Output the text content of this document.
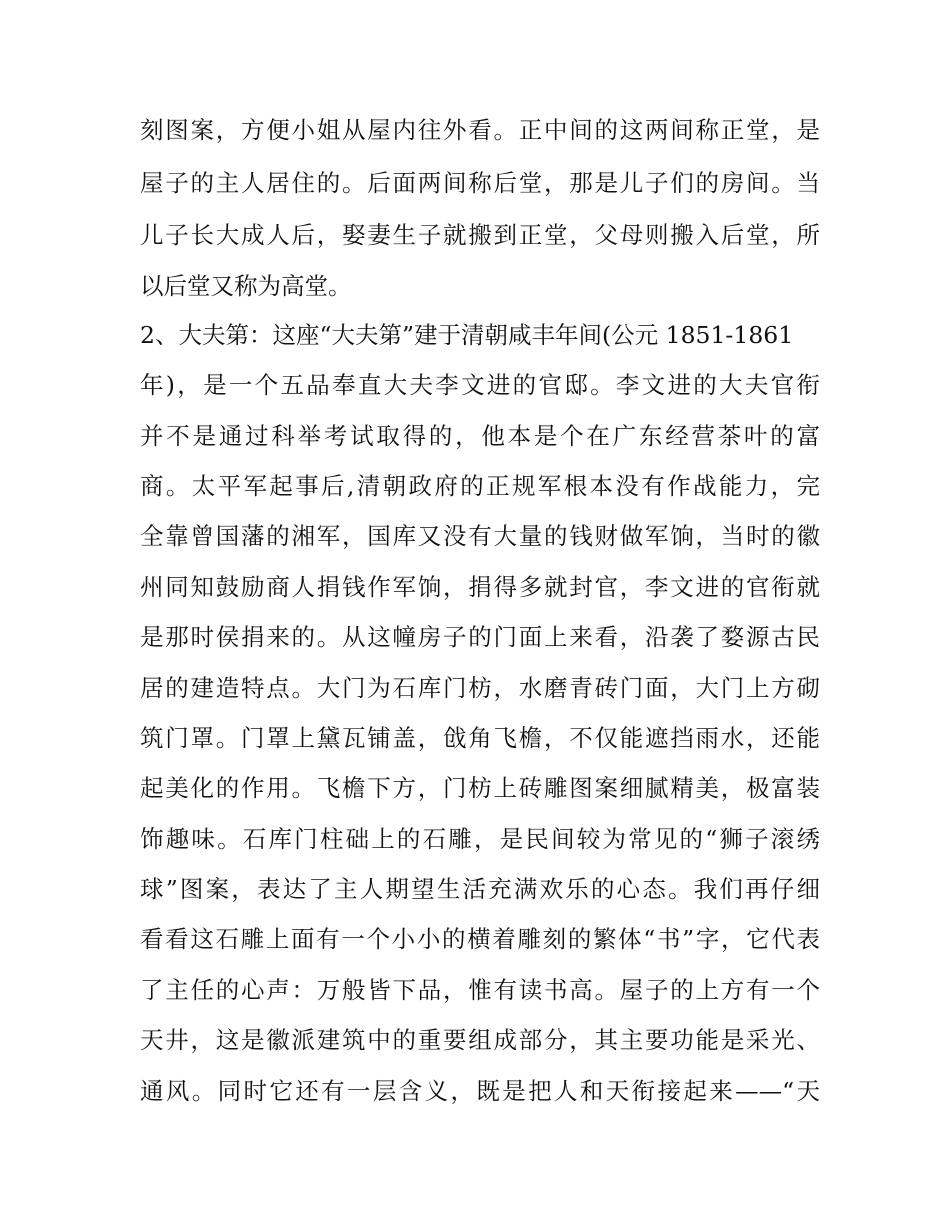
刻图案，方便小姐从屋内往外看。正中间的这两间称正堂，是
屋子的主人居住的。后面两间称后堂，那是儿子们的房间。当
儿子长大成人后，娶妻生子就搬到正堂，父母则搬入后堂，所
以后堂又称为高堂。
2、大夫第：这座“大夫第”建于清朝咸丰年间(公元 1851-1861
年)，是一个五品奉直大夫李文进的官邸。李文进的大夫官衔
并不是通过科举考试取得的，他本是个在广东经营茶叶的富
商。太平军起事后,清朝政府的正规军根本没有作战能力，完
全靠曾国藩的湘军，国库又没有大量的钱财做军饷，当时的徽
州同知鼓励商人捐钱作军饷，捐得多就封官，李文进的官衔就
是那时侯捐来的。从这幢房子的门面上来看，沿袭了婺源古民
居的建造特点。大门为石库门枋，水磨青砖门面，大门上方砌
筑门罩。门罩上黛瓦铺盖，戗角飞檐，不仅能遮挡雨水，还能
起美化的作用。飞檐下方，门枋上砖雕图案细腻精美，极富装
饰趣味。石库门柱础上的石雕，是民间较为常见的“狮子滚绣
球”图案，表达了主人期望生活充满欢乐的心态。我们再仔细
看看这石雕上面有一个小小的横着雕刻的繁体“书”字，它代表
了主任的心声：万般皆下品，惟有读书高。屋子的上方有一个
天井，这是徽派建筑中的重要组成部分，其主要功能是采光、
通风。同时它还有一层含义，既是把人和天衔接起来——“天
